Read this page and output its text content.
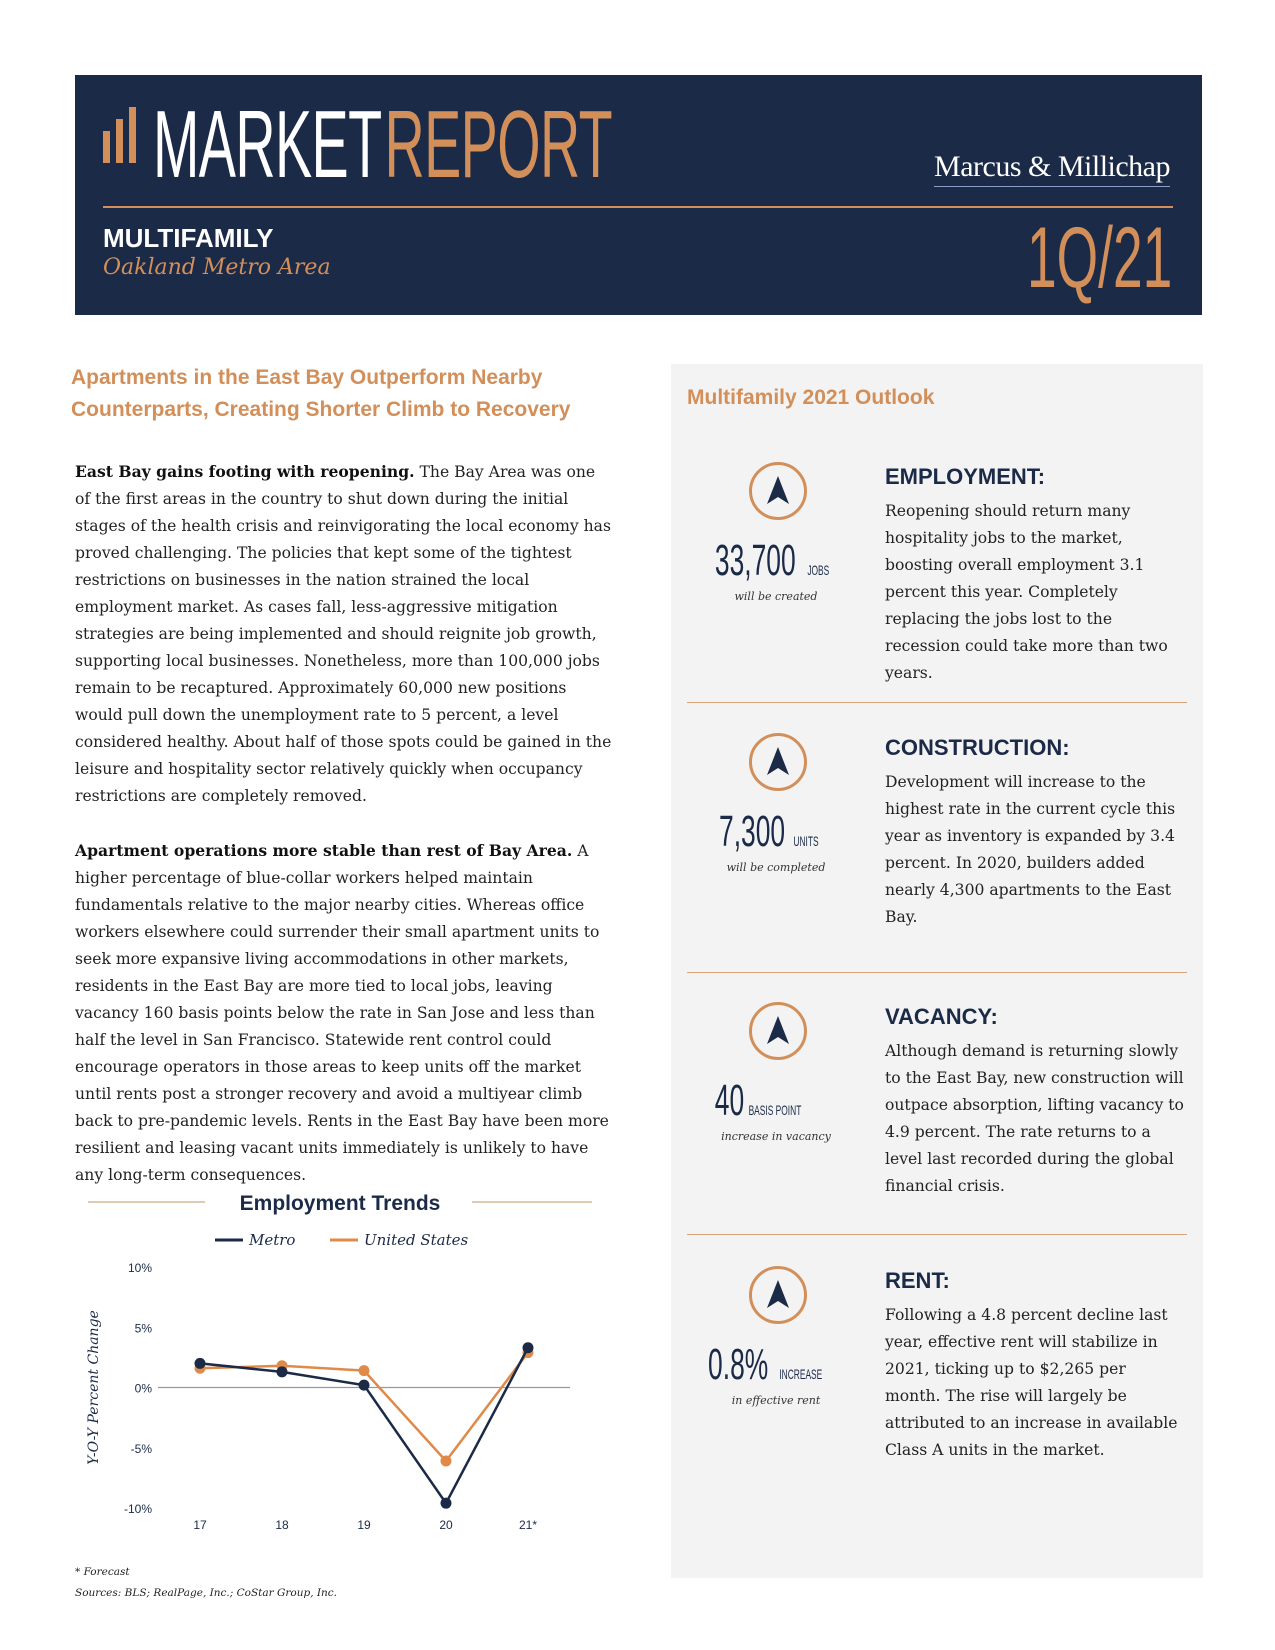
MARKET REPORT	Marcus & Millichap
MULTIFAMILY
Oakland Metro Area	1Q/21
Apartments in the East Bay Outperform Nearby Counterparts, Creating Shorter Climb to Recovery

East Bay gains footing with reopening. The Bay Area was one of the first areas in the country to shut down during the initial stages of the health crisis and reinvigorating the local economy has proved challenging. The policies that kept some of the tightest restrictions on businesses in the nation strained the local employment market. As cases fall, less-aggressive mitigation strategies are being implemented and should reignite job growth, supporting local businesses. Nonetheless, more than 100,000 jobs remain to be recaptured. Approximately 60,000 new positions would pull down the unemployment rate to 5 percent, a level considered healthy. About half of those spots could be gained in the leisure and hospitality sector relatively quickly when occupancy restrictions are completely removed.

Apartment operations more stable than rest of Bay Area. A higher percentage of blue-collar workers helped maintain fundamentals relative to the major nearby cities. Whereas office workers elsewhere could surrender their small apartment units to seek more expansive living accommodations in other markets, residents in the East Bay are more tied to local jobs, leaving vacancy 160 basis points below the rate in San Jose and less than half the level in San Francisco. Statewide rent control could encourage operators in those areas to keep units off the market until rents post a stronger recovery and avoid a multiyear climb back to pre-pandemic levels. Rents in the East Bay have been more resilient and leasing vacant units immediately is unlikely to have any long-term consequences.

Multifamily 2021 Outlook
33,700 JOBS
will be created
EMPLOYMENT:
Reopening should return many hospitality jobs to the market, boosting overall employment 3.1 percent this year. Completely replacing the jobs lost to the recession could take more than two years.
7,300 UNITS
will be completed
CONSTRUCTION:
Development will increase to the highest rate in the current cycle this year as inventory is expanded by 3.4 percent. In 2020, builders added nearly 4,300 apartments to the East Bay.
40 BASIS POINT
increase in vacancy
VACANCY:
Although demand is returning slowly to the East Bay, new construction will outpace absorption, lifting vacancy to 4.9 percent. The rate returns to a level last recorded during the global financial crisis.
0.8% INCREASE
in effective rent
RENT:
Following a 4.8 percent decline last year, effective rent will stabilize in 2021, ticking up to $2,265 per month. The rise will largely be attributed to an increase in available Class A units in the market.
Employment Trends
Metro	United States
10%
5%
0%
-5%
-10%
Y-O-Y Percent Change
17	18	19	20	21*
* Forecast
Sources: BLS; RealPage, Inc.; CoStar Group, Inc.
